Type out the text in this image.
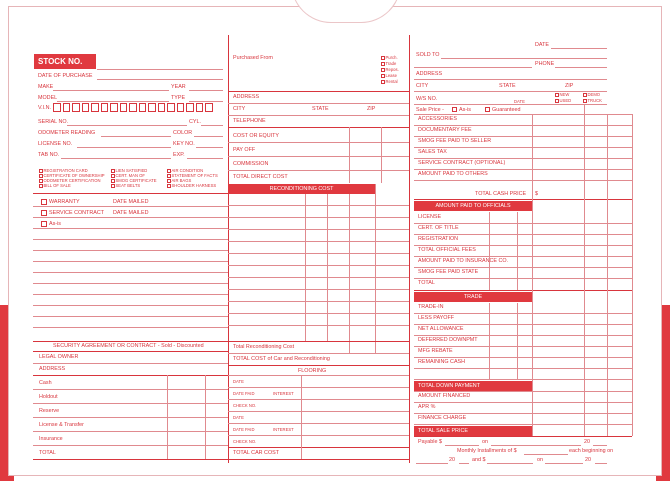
STOCK NO.
DATE OF PURCHASE
MAKE	YEAR
MODEL	TYPE
V.I.N.
SERIAL NO.	CYL.
ODOMETER READING	COLOR
LICENSE NO.	KEY NO.
TAB NO.	EXP.
REGISTRATION CARD	LIEN SATISFIED	AIR CONDITION
CERTIFICATE OF OWNERSHIP	CERT. MAN OF	STATEMENT OF FACTS
ODOMETER CERTIFICATION	SMOG CERTIFICATE	AIR BAGS
BILL OF SALE	SEAT BELTS	SHOULDER HARNESS
WARRANTY	DATE MAILED
SERVICE CONTRACT DATE MAILED
As-is
SECURITY AGREEMENT OR CONTRACT - Sold - Discounted
LEGAL OWNER
ADDRESS
Cash
Holdout
Reserve
License & Transfer
Insurance
TOTAL
Purchased From	Purch.
Trade
Repos.
Lease
Rental
ADDRESS
CITY	STATE	ZIP
TELEPHONE
COST OR EQUITY
PAY OFF
COMMISSION
TOTAL DIRECT COST
RECONDITIONING COST
Total Reconditioning Cost
TOTAL COST of Car and Reconditioning
FLOORING
DATE
DATE PAID	INTEREST
CHECK NO.
DATE
DATE PAID	INTEREST
CHECK NO.
TOTAL CAR COST
DATE
SOLD TO
PHONE
ADDRESS
CITY	STATE	ZIP
W/S NO.	DATE
NEW
USED
DEMO
TRUCK
Sale Price -	As-is	Guaranteed
ACCESSORIES
DOCUMENTARY FEE
SMOG FEE PAID TO SELLER
SALES TAX
SERVICE CONTRACT (OPTIONAL)
AMOUNT PAID TO OTHERS
TOTAL CASH PRICE $
AMOUNT PAID TO OFFICIALS
LICENSE
CERT. OF TITLE
REGISTRATION
TOTAL OFFICIAL FEES
AMOUNT PAID TO INSURANCE CO.
SMOG FEE PAID STATE
TOTAL
TRADE
TRADE-IN
LESS PAYOFF
NET ALLOWANCE
DEFERRED DOWNPMT
MFG REBATE
REMAINING CASH
TOTAL DOWN PAYMENT
AMOUNT FINANCED
APR %
FINANCE CHARGE
TOTAL SALE PRICE
Payable $	on	20
Monthly Installments of $	each beginning on
20	and $	on	20
